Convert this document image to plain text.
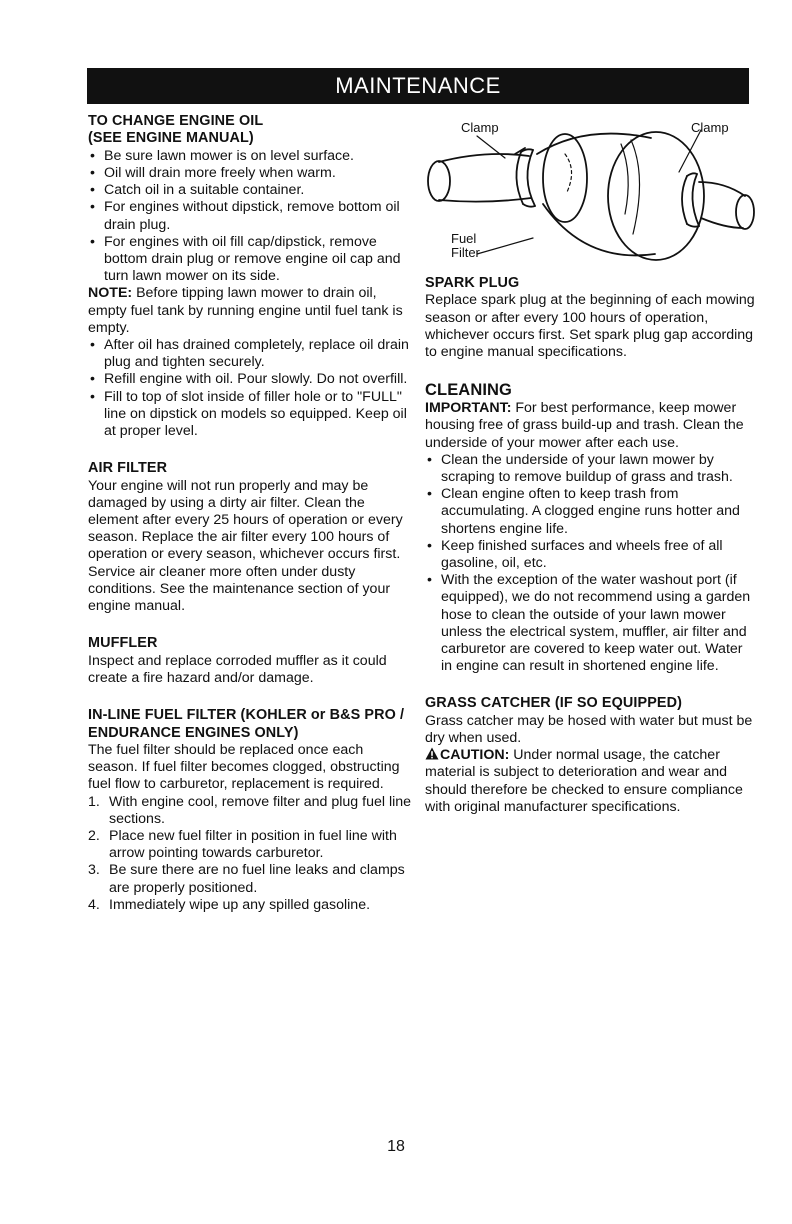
MAINTENANCE
TO CHANGE ENGINE OIL
(SEE ENGINE MANUAL)
• Be sure lawn mower is on level surface.
• Oil will drain more freely when warm.
• Catch oil in a suitable container.
• For engines without dipstick, remove bottom oil drain plug.
• For engines with oil fill cap/dipstick, remove bottom drain plug or remove engine oil cap and turn lawn mower on its side.

NOTE: Before tipping lawn mower to drain oil, empty fuel tank by running engine until fuel tank is empty.

• After oil has drained completely, replace oil drain plug and tighten securely.
• Refill engine with oil. Pour slowly. Do not overfill.
• Fill to top of slot inside of filler hole or to "FULL" line on dipstick on models so equipped. Keep oil at proper level.
AIR FILTER

Your engine will not run properly and may be damaged by using a dirty air filter. Clean the element after every 25 hours of operation or every season. Replace the air filter every 100 hours of operation or every season, whichever occurs first. Service air cleaner more often under dusty conditions. See the maintenance section of your engine manual.

MUFFLER

Inspect and replace corroded muffler as it could create a fire hazard and/or damage.

IN-LINE FUEL FILTER (KOHLER or B&S PRO / ENDURANCE ENGINES ONLY)

The fuel filter should be replaced once each season. If fuel filter becomes clogged, obstructing fuel flow to carburetor, replacement is required.

1. With engine cool, remove filter and plug fuel line sections.
2. Place new fuel filter in position in fuel line with arrow pointing towards carburetor.
3. Be sure there are no fuel line leaks and clamps are properly positioned.
4. Immediately wipe up any spilled gasoline.
Clamp	Clamp
Fuel
Filter
SPARK PLUG

Replace spark plug at the beginning of each mowing season or after every 100 hours of operation, whichever occurs first. Set spark plug gap according to engine manual specifications.

CLEANING

IMPORTANT: For best performance, keep mower housing free of grass build-up and trash. Clean the underside of your mower after each use.

• Clean the underside of your lawn mower by scraping to remove buildup of grass and trash.
• Clean engine often to keep trash from accumulating. A clogged engine runs hotter and shortens engine life.
• Keep finished surfaces and wheels free of all gasoline, oil, etc.
• With the exception of the water washout port (if equipped), we do not recommend using a garden hose to clean the outside of your lawn mower unless the electrical system, muffler, air filter and carburetor are covered to keep water out. Water in engine can result in shortened engine life.
GRASS CATCHER (IF SO EQUIPPED)

Grass catcher may be hosed with water but must be dry when used.

CAUTION: Under normal usage, the catcher material is subject to deterioration and wear and should therefore be checked to ensure compliance with original manufacturer specifications.

18
